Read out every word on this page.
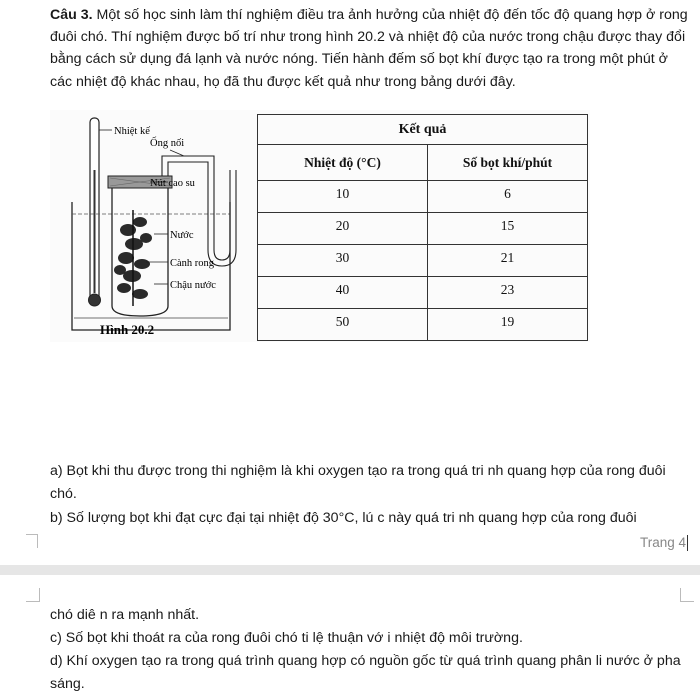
Câu 3. Một số học sinh làm thí nghiệm điều tra ảnh hưởng của nhiệt độ đến tốc độ quang hợp ở rong đuôi chó. Thí nghiệm được bố trí như trong hình 20.2 và nhiệt độ của nước trong chậu được thay đổi bằng cách sử dụng đá lạnh và nước nóng. Tiến hành đếm số bọt khí được tạo ra trong một phút ở các nhiệt độ khác nhau, họ đã thu được kết quả như trong bảng dưới đây.

Nhiệt kế
Ống nối
Nút cao su
Nước
Cành rong
Chậu nước
Hình 20.2
Kết quả	
Nhiệt độ (°C)	Số bọt khí/phút
10	6
20	15
30	21
40	23
50	19

a) Bọt khi thu được trong thi nghiệm là khi oxygen tạo ra trong quá tri nh quang hợp của rong đuôi chó.

b) Số lượng bọt khi đạt cực đại tại nhiệt độ 30°C, lú c này quá tri nh quang hợp của rong đuôi

Trang 4

chó diê n ra mạnh nhất.

c) Số bọt khi thoát ra của rong đuôi chó ti lệ thuận vớ i nhiệt độ môi trường.

d) Khí oxygen tạo ra trong quá trình quang hợp có nguồn gốc từ quá trình quang phân li nước ở pha sáng.
